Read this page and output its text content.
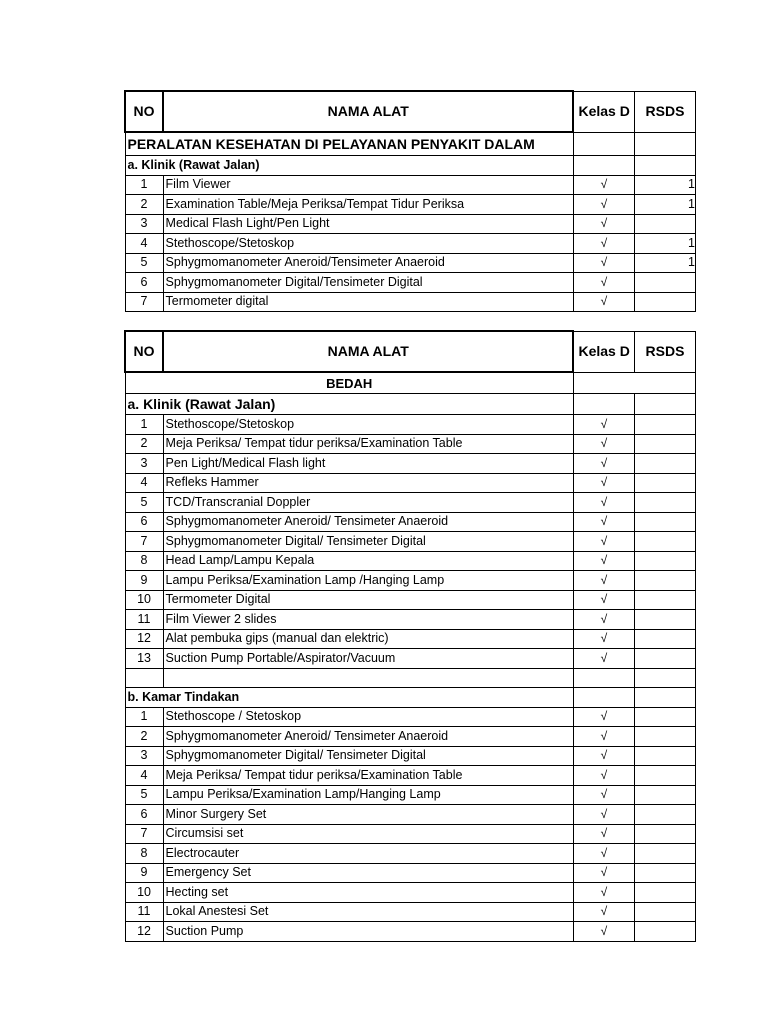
NO	NAMA ALAT	Kelas D	RSDS
PERALATAN KESEHATAN DI PELAYANAN PENYAKIT DALAM			
a. Klinik (Rawat Jalan)			
1	Film Viewer	√	1
2	Examination Table/Meja Periksa/Tempat Tidur Periksa	√	1
3	Medical Flash Light/Pen Light	√	
4	Stethoscope/Stetoskop	√	1
5	Sphygmomanometer Aneroid/Tensimeter Anaeroid	√	1
6	Sphygmomanometer Digital/Tensimeter Digital	√	
7	Termometer digital	√	
NO	NAMA ALAT	Kelas D	RSDS
BEDAH			
a. Klinik (Rawat Jalan)			
1	Stethoscope/Stetoskop	√	
2	Meja Periksa/ Tempat tidur periksa/Examination Table	√	
3	Pen Light/Medical Flash light	√	
4	Refleks Hammer	√	
5	TCD/Transcranial Doppler	√	
6	Sphygmomanometer Aneroid/ Tensimeter Anaeroid	√	
7	Sphygmomanometer Digital/ Tensimeter Digital	√	
8	Head Lamp/Lampu Kepala	√	
9	Lampu Periksa/Examination Lamp /Hanging Lamp	√	
10	Termometer Digital	√	
11	Film Viewer 2 slides	√	
12	Alat pembuka gips (manual dan elektric)	√	
13	Suction Pump Portable/Aspirator/Vacuum	√	

b. Kamar Tindakan			
1	Stethoscope / Stetoskop	√	
2	Sphygmomanometer Aneroid/ Tensimeter Anaeroid	√	
3	Sphygmomanometer Digital/ Tensimeter Digital	√	
4	Meja Periksa/ Tempat tidur periksa/Examination Table	√	
5	Lampu Periksa/Examination Lamp/Hanging Lamp	√	
6	Minor Surgery Set	√	
7	Circumsisi set	√	
8	Electrocauter	√	
9	Emergency Set	√	
10	Hecting set	√	
11	Lokal Anestesi Set	√	
12	Suction Pump	√	
